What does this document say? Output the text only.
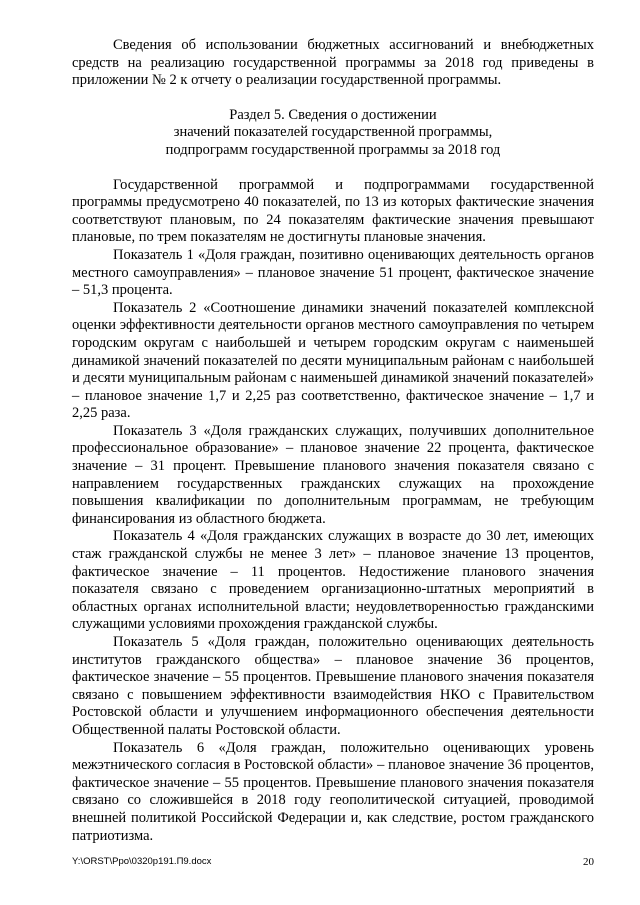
Сведения об использовании бюджетных ассигнований и внебюджетных средств на реализацию государственной программы за 2018 год приведены в приложении № 2 к отчету о реализации государственной программы.

Раздел 5. Сведения о достижении
значений показателей государственной программы,
подпрограмм государственной программы за 2018 год

Государственной программой и подпрограммами государственной программы предусмотрено 40 показателей, по 13 из которых фактические значения соответствуют плановым, по 24 показателям фактические значения превышают плановые, по трем показателям не достигнуты плановые значения.

Показатель 1 «Доля граждан, позитивно оценивающих деятельность органов местного самоуправления» – плановое значение 51 процент, фактическое значение – 51,3 процента.

Показатель 2 «Соотношение динамики значений показателей комплексной оценки эффективности деятельности органов местного самоуправления по четырем городским округам с наибольшей и четырем городским округам с наименьшей динамикой значений показателей по десяти муниципальным районам с наибольшей и десяти муниципальным районам с наименьшей динамикой значений показателей» – плановое значение 1,7 и 2,25 раз соответственно, фактическое значение – 1,7 и 2,25 раза.

Показатель 3 «Доля гражданских служащих, получивших дополнительное профессиональное образование» – плановое значение 22 процента, фактическое значение – 31 процент. Превышение планового значения показателя связано с направлением государственных гражданских служащих на прохождение повышения квалификации по дополнительным программам, не требующим финансирования из областного бюджета.

Показатель 4 «Доля гражданских служащих в возрасте до 30 лет, имеющих стаж гражданской службы не менее 3 лет» – плановое значение 13 процентов, фактическое значение – 11 процентов. Недостижение планового значения показателя связано с проведением организационно-штатных мероприятий в областных органах исполнительной власти; неудовлетворенностью гражданскими служащими условиями прохождения гражданской службы.

Показатель 5 «Доля граждан, положительно оценивающих деятельность институтов гражданского общества» – плановое значение 36 процентов, фактическое значение – 55 процентов. Превышение планового значения показателя связано с повышением эффективности взаимодействия НКО с Правительством Ростовской области и улучшением информационного обеспечения деятельности Общественной палаты Ростовской области.

Показатель 6 «Доля граждан, положительно оценивающих уровень межэтнического согласия в Ростовской области» – плановое значение 36 процентов, фактическое значение – 55 процентов. Превышение планового значения показателя связано со сложившейся в 2018 году геополитической ситуацией, проводимой внешней политикой Российской Федерации и, как следствие, ростом гражданского патриотизма.

Y:\ORST\Ppo\0320p191.П9.docx	20
